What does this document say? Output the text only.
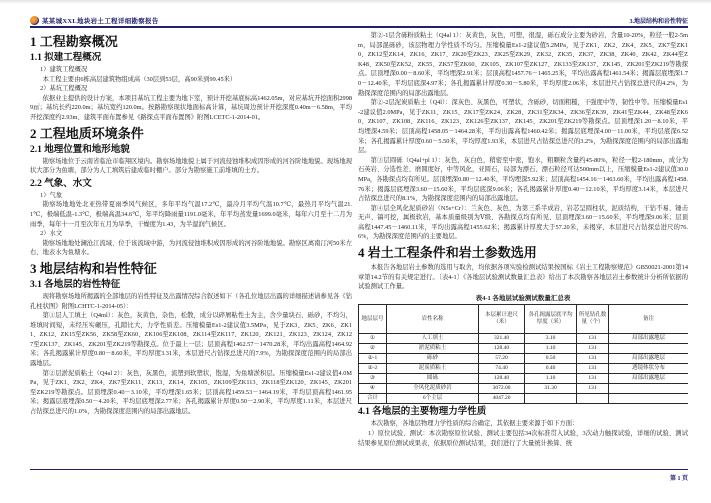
某某城XXL地块岩土工程详细勘察报告	3.地层结构和岩性特征
1 工程勘察概况
1.1 拟建工程概况

1）建筑工程概况

本工程主要由6栋高层建筑物组成高（30层到53层，高90米到99.45米）

2）基坑工程概况

依据业主提供的设计方案，本项目基坑工程主要为地下室，预计开挖基底标高1462.05m，对应基坑开挖面积29989㎡；基坑长约220.0m；基坑宽约120.0m。按路勘察现状地面标高计算，基坑周边预计开挖深度0.40m－6.58m，平均开挖深度约2.93m、建筑平面布置参见《路探点平面布置图》附图LCETC-1-2014-01。

2 工程地质环境条件
2.1 地理位置和地形地貌

勘察场地位于云南省临沧市临翔区境内。勘察场地地貌上属于河流侵蚀堆积成因形成的河谷阶地地貌。现场地现状大部分为鱼塘，部分为人工填筑后建成临时棚户。部分为勘察施工前堆填的土方。

2.2 气象、水文

1）气象

勘察场地地处北亚热带夏雨季风气候区，多年平均气温17.2℃，最冷月平均气温10.7℃，最热月平均气温21.1℃，极端低温-1.3℃，极端高温34.6℃，年平均降雨量1191.0毫米，年平均蒸发量1699.0毫米，每年六月至十二月为雨季，每年十一月至次年五月为旱季，干燥度为1.43，为半湿润气候区。

2）水文

勘察场地地处澜沧江流域、位于该流域中游，为河流侵蚀堆积成因形成的河谷阶地地貌。勘察区离南汀河50米左右、地表水为鱼塘水。

3 地层结构和岩性特征
3.1 各地层的岩性特征

现将勘察场地所揭露的全部地层的岩性特征及出露情况综合叙述如下（各孔位地层出露的详细描述请参见各《钻孔柱状图》附图LCHTC-1-2014-05）：

第①层人工填土（Q4ml）：灰色，灰黄色，杂色，松散，成分以碎屑粘性土为主，含少量块石、砾砂，不均匀，堆填时间短，未经压实碾压，孔隙比大，力学性质差。压缩模量Es1-2建议值3.5MPa，见于ZK3、ZK5、ZK6、ZK11、ZK12、ZK15至ZK56、ZK58至ZK60、ZK106至ZK108、ZK114至ZK117、ZK120、ZK121、ZK123、ZK124、ZK127至ZK137、ZK145、ZK201至ZK219等勘探点。位于最上一层；层顶高程1462.57－1470.28米，平均出露高程1464.92米；各孔揭露累计厚度0.80－8.60米，平均厚度3.31米，本层进尺占钻探总进尺的7.9%，为勘探深度范围内的局部出露地层。

第②层淤泥质粘土（Q4al 2）：灰色，灰黑色，流塑到软塑状，饱湿，为鱼塘淤积层。压缩模量Es1-2建议值4.0MPa，见于ZK1、ZK2、ZK4、ZK7至ZK11、ZK13、ZK14、ZK105、ZK109至ZK113、ZK118至ZK120、ZK145、ZK201至ZK219等勘探点。层顶埋深0.40－3.10米，平均埋深1.65米；层顶高程1459.53－1464.19米，平均层顶高程1461.95米；揭露层底埋深0.50－4.20米，平均层底埋深2.77米；各孔揭露累计厚度0.50－2.90米，平均厚度1.11米，本层进尺占钻探总进尺的1.0%，为勘探深度范围内的局部出露地层。

第②-1层含砾粉质粘土（Q4al 1）：灰黄色，灰色，可塑，很湿，砾石成分主要为砂岩，含量10-20%，粒径一般2-5mm，局部混砾砂，该层物理力学性质不均匀。压缩模量Es1-2建议值5.2MPa，见于ZK1、ZK2、ZK4、ZK5、ZK7至ZK10、ZK12至ZK14、ZK16、ZK17、ZK20至ZK23、ZK25至ZK29、ZK32、ZK35、ZK37、ZK38、ZK40、ZK42、ZK44至ZK48、ZK50至ZK52、ZK55、ZK57至ZK60、ZK105、ZK107至ZK127、ZK133至ZK137、ZK145、ZK201至ZK219等勘探点。层顶埋深0.00－8.60米，平均埋深2.91米；层顶高程1457.76－1465.25米，平均出露高程1461.54米；揭露层底埋深1.70－12.40米，平均层底深4.97米；各孔揭露累计厚度0.30－5.80米，平均厚度2.06米，本层进尺占钻探总进尺的4.2%，为勘探深度范围内的局部出露地层。

第②-2层泥炭质粘土（Q4l）：深灰色、灰黑色，可塑状，含砾砂，切面粗糙，干强度中等，韧性中等。压缩模量Es1-2建议值2.0MPa，见于ZK11、ZK15、ZK17至ZK24、ZK28、ZK31至ZK34、ZK36至ZK39、ZK41至ZK44、ZK48至ZK60、ZK107、ZK108、ZK116、ZK123、ZK126至ZK137、ZK145、ZK201至ZK219等勘探点。层顶埋深1.20－8.10米，平均埋深4.59米；层顶高程1458.05－1464.28米，平均出露高程1460.42米；揭露层底埋深4.00－11.00米，平均层底深6.52米；各孔揭露累计厚度0.60－5.50米，平均厚度1.93米，本层进尺占钻探总进尺的3.2%，为勘探深度范围内的局部出露地层。

第③层圆砾（Q4al+pl 1）：灰色，灰白色，稍密至中密，饱水，粗颗粒含量约45-80%，粒径一般2-180mm，成分为石英岩、分选性差、磨圆度好，中等风化，亚圆石，局部为漂石、漂石粒径可达500mm以上，压缩模量Es1-2建议值30.0MPa，各勘探点均有所见。层顶埋深0.80－12.40米，平均埋深5.92米；层顶高程1454.16－1463.60米，平均出露高程1458.76米；揭露层底埋深3.60－15.60米，平均层底深9.06米；各孔揭露累计厚度0.40－12.10米，平均厚度3.14米，本层进尺占钻探总进尺的8.1%，为勘探深度范围内的局部出露地层。

第④层全风化泥质砂岩（N5s+Cr）：兰灰色、灰色，为第三系半成岩，岩芯呈圆柱状，泥质结构，干钻不易、锤击无声、镐可挖，属极软岩，基本质量级别为Ⅴ级、各勘探点均有所见、层顶埋深3.60－15.60米，平均埋深9.06米；层顶高程1447.45－1460.11米，平均出露高程1455.62米；揭露累计厚度大于57.20米，未揭穿，本层进尺占钻探总进尺的76.6%，为勘探深度范围内的主要地层。

4 岩土工程条件和岩土参数选用

本报告各地层岩土参数的选用与取舍，均依据各项实验检测试结果按国标《岩土工程勘察规范》GB50021-2001第14章第14.2节的有关规定进行。〔表4-1〕《各地层试验测试数量汇总表》给出了本次勘察各地层岩土参数统计分析所依据的试验测试工作量。

表4-1 各地层试验测试数量汇总表
地层层号	岩性名称	本层累计进尺（米）	各孔揭露层底平均厚度（米）	所见钻孔数量（个）	备注
①	人工填土	321.40	3.10	131	局部出露地层
②	淤泥质粘土	128.40	1.10	131	
②-1	砾砂	57.20	0.50	131	局部出露地层
②-2	泥炭质粘土	74.40	0.40	131	透镜体状分布
③	圆砾	128.40	1.10	131	局部出露地层
④	全风化泥质砂岩	3072.00	31.30	131	
合计	6个主层	4047.20			
4.1 各地层的主要物理力学性质

本次勘察，各地层物理力学性质的综合确定，其依据主要来源于如下方面：

1）原位试验、测试：本次勘察原位试验、测试主要包括34次标准贯入试验，3次动力触探试验，详细的试验、测试结果参见原位测试成果表，依据原位测试结果，我们进行了大量统计换算、统

第 1 页
